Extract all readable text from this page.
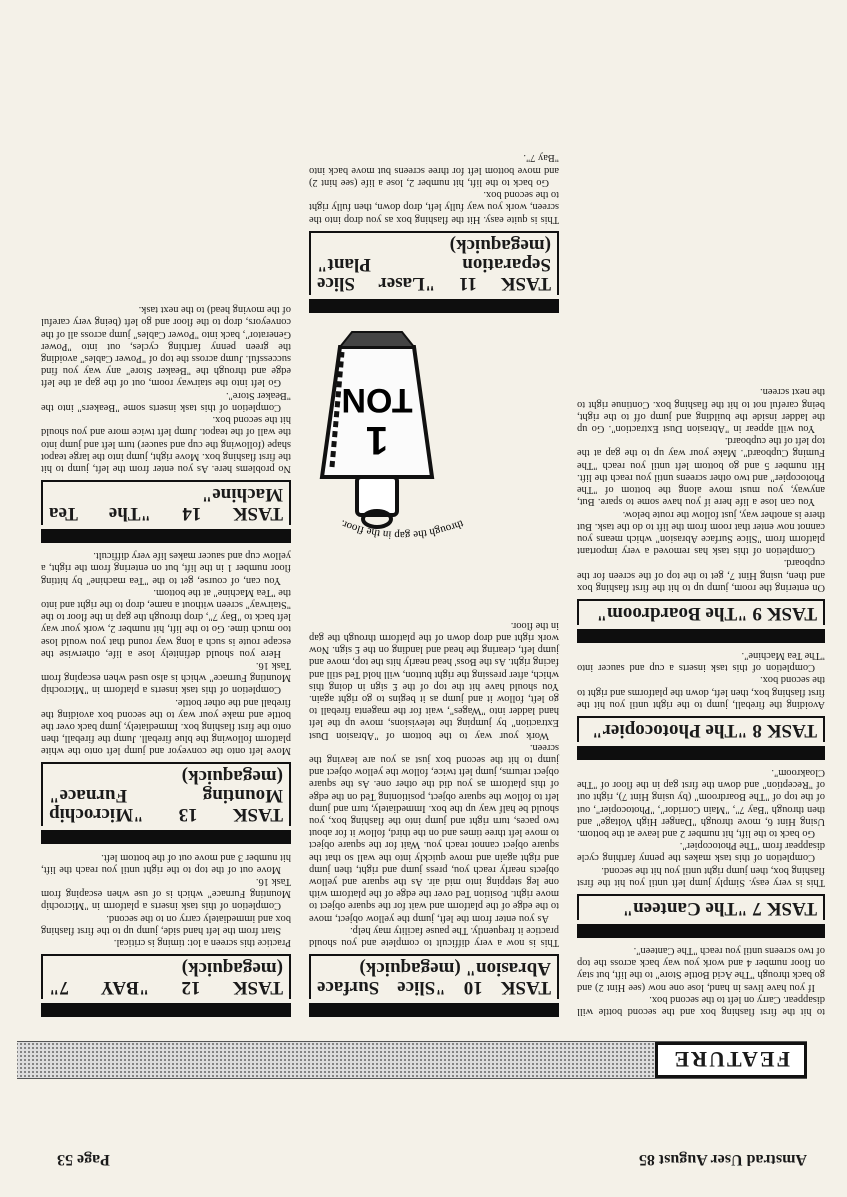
Amstrad User August 85
Page 53
FEATURE

to hit the first flashing box and the second bottle will disappear. Carry on left to the second box.

If you have lives in hand, lose one now (see Hint 2) and go back through "The Acid Bottle Store" to the lift, but stay on floor number 4 and work you way back across the top of two screens until you reach "The Canteen".

TASK 7 "The Canteen"

This is very easy. Simply jump left until you hit the first flashing box, then jump right until you hit the second.

Completion of this task makes the penny farthing cycle disappear from "The Photocopier".

Go back to the lift, hit number 2 and leave at the bottom. Using Hint 6, move through "Danger High Voltage" and then through "Bay 7", "Main Corridor", "Photocopier", out of the top of "The Boardroom" (by using Hint 7), right out of "Reception" and down the first gap in the floor of "The Cloakroom".

TASK 8 "The Photocopier"

Avoiding the fireball, jump to the right until you hit the first flashing box, then left, down the platforms and right to the second box.

Completion of this task inserts a cup and saucer into "The Tea Machine".

TASK 9 "The Boardroom"

On entering the room, jump up to hit the first flashing box and then, using Hint 7, get to the top of the screen for the cupboard.

Completion of this task has removed a very important platform from "Slice Surface Abrasion" which means you cannot now enter that room from the lift to do the task. But there is another way, just follow the route below.

You can lose a life here if you have some to spare. But, anyway, you must move along the bottom of "The Photocopier" and two other screens until you reach the lift. Hit number 5 and go bottom left until you reach "The Fuming Cupboard". Make your way up to the gap at the top left of the cupboard.

You will appear in "Abrasion Dust Extraction". Go up the ladder inside the building and jump off to the right, being careful not to hit the flashing box. Continue right to the next screen.

TASK 10 "Slice Surface Abrasion" (megaquick)

This is now a very difficult to complete and you should practice it frequently. The pause facility may help.

As you enter from the left, jump the yellow object, move to the edge of the platform and wait for the square object to move right. Position Ted over the edge of the platform with one leg stepping into mid air. As the square and yellow objects nearly reach you, press jump and right, then jump and right again and move quickly into the wall so that the square object cannot reach you. Wait for the square object to move left three times and on the third, follow it for about two paces, turn right and jump into the flashing box, you should be half way up the box. Immediately, turn and jump left to follow the square object, positioning Ted on the edge of this platform as you did the other one. As the square object returns, jump left twice, follow the yellow object and jump to hit the second box just as you are leaving the screen.

Work your way to the bottom of "Abrasion Dust Extraction" by jumping the televisions, move up the left hand ladder into "Wages", wait for the magenta fireball to go left, follow it and jump as it begins to go right again. You should have hit the top of the £ sign in doing this which, after pressing the right button, will hold Ted still and facing right. As the Boss' head nearly hits the top, move and jump left, clearing the head and landing on the £ sign. Now work right and drop down of the platform through the gap in the floor.

TASK 11 "Laser Slice Separation Plant" (megaquick)

This is quite easy. Hit the flashing box as you drop into the screen, work you way fully left, drop down, then fully right to the second box.

Go back to the lift, hit number 2, lose a life (see hint 2) and move bottom left for three screens but move back into "Bay 7".

TASK 12 "BAY 7" (megaquick)

Practice this screen a lot: timing is critical.

Start from the left hand side, jump up to the first flashing box and immediately carry on to the second.

Completion of this task inserts a platform in "Microchip Mounting Furnace" which is of use when escaping from Task 16.

Move out of the top to the right until you reach the lift, hit number 3 and move out of the bottom left.

TASK 13 "Microchip Mounting Furnace" (megaquick)

Move left onto the conveyor and jump left onto the white platform following the blue fireball. Jump the fireball, then onto the first flashing box. Immediately, jump back over the bottle and make your way to the second box avoiding the fireball and the other bottle.

Completion of this task inserts a platform in "Microchip Mounting Furnace" which is also used when escaping from Task 16.

Here you should definitely lose a life, otherwise the escape route is such a long way round that you would lose too much time. Go to the lift, hit number 2, work your way left back to "Bay 7", drop through the gap in the floor to the "Stairway" screen without a name, drop to the right and into the "Tea Machine" at the bottom.

You can, of course, get to the "Tea machine" by hitting floor number 1 in the lift, but on entering from the right, a yellow cup and saucer makes life very difficult.

TASK 14 "The Tea Machine"

No problems here. As you enter from the left, jump to hit the first flashing box. Move right, jump into the large teapot shape (following the cup and saucer) turn left and jump into the wall of the teapot. Jump left twice more and you should hit the second box.

Completion of this task inserts some "Beakers" into the "Beaker Store".

Go left into the stairway room, out of the gap at the left edge and through the "Beaker Store" any way you find successful. Jump across the top of "Power Cables" avoiding the green penny farthing cycles, out into "Power Generator", back into "Power Cables" jump across all of the conveyors, drop to the floor and go left (being very careful of the moving head) to the next task.

1
TON
through the gap in the floor.
